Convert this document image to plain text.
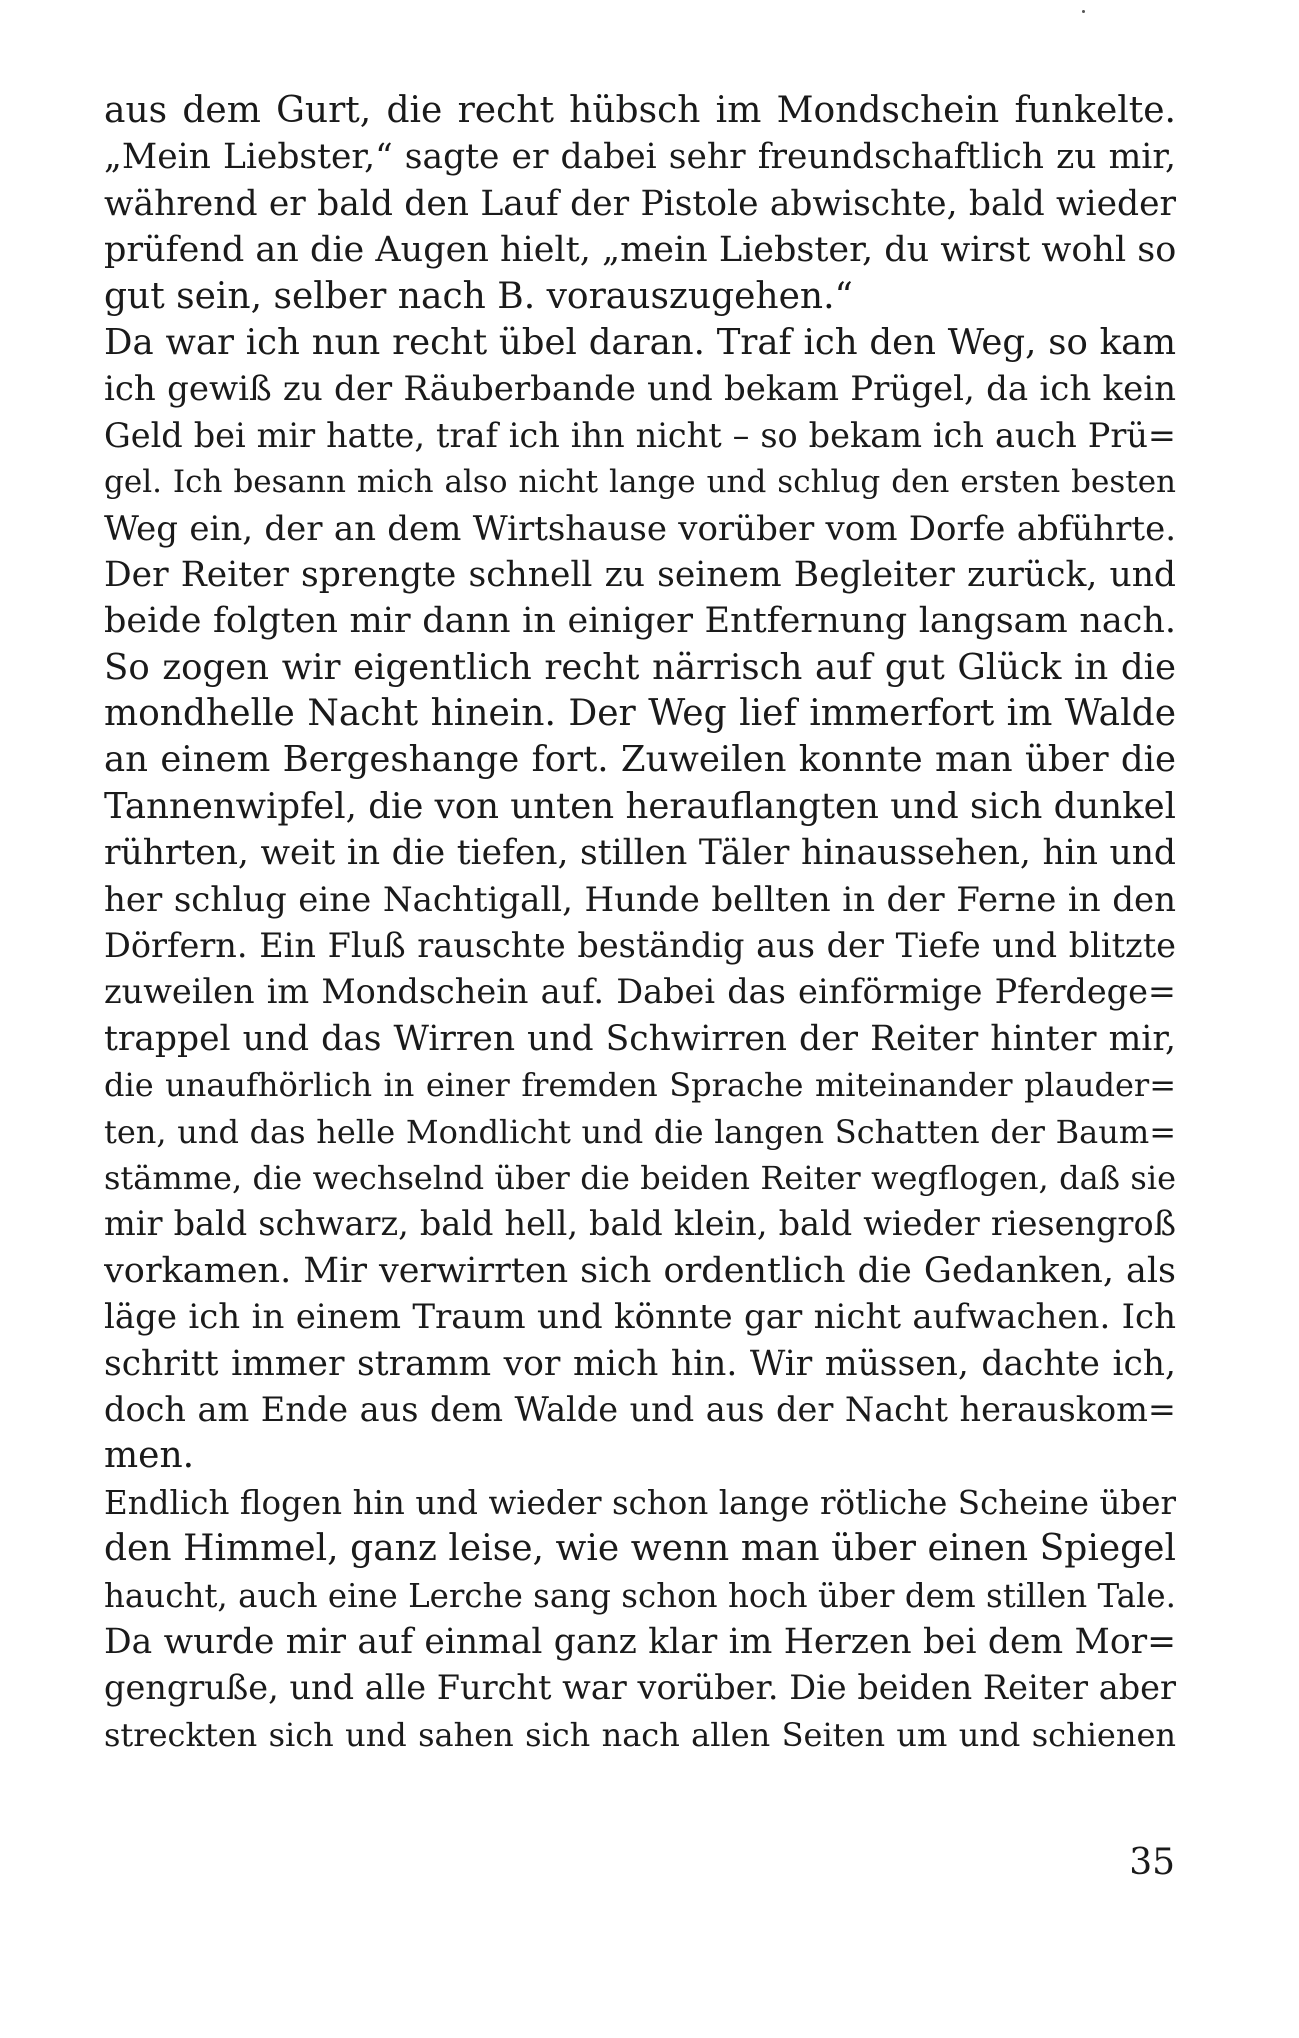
aus dem Gurt, die recht hübsch im Mondschein funkelte.
„Mein Liebster,“ sagte er dabei sehr freundschaftlich zu mir,
während er bald den Lauf der Pistole abwischte, bald wieder
prüfend an die Augen hielt, „mein Liebster, du wirst wohl so
gut sein, selber nach B. vorauszugehen.“
Da war ich nun recht übel daran. Traf ich den Weg, so kam
ich gewiß zu der Räuberbande und bekam Prügel, da ich kein
Geld bei mir hatte, traf ich ihn nicht – so bekam ich auch Prü=
gel. Ich besann mich also nicht lange und schlug den ersten besten
Weg ein, der an dem Wirtshause vorüber vom Dorfe abführte.
Der Reiter sprengte schnell zu seinem Begleiter zurück, und
beide folgten mir dann in einiger Entfernung langsam nach.
So zogen wir eigentlich recht närrisch auf gut Glück in die
mondhelle Nacht hinein. Der Weg lief immerfort im Walde
an einem Bergeshange fort. Zuweilen konnte man über die
Tannenwipfel, die von unten herauflangten und sich dunkel
rührten, weit in die tiefen, stillen Täler hinaussehen, hin und
her schlug eine Nachtigall, Hunde bellten in der Ferne in den
Dörfern. Ein Fluß rauschte beständig aus der Tiefe und blitzte
zuweilen im Mondschein auf. Dabei das einförmige Pferdege=
trappel und das Wirren und Schwirren der Reiter hinter mir,
die unaufhörlich in einer fremden Sprache miteinander plauder=
ten, und das helle Mondlicht und die langen Schatten der Baum=
stämme, die wechselnd über die beiden Reiter wegflogen, daß sie
mir bald schwarz, bald hell, bald klein, bald wieder riesengroß
vorkamen. Mir verwirrten sich ordentlich die Gedanken, als
läge ich in einem Traum und könnte gar nicht aufwachen. Ich
schritt immer stramm vor mich hin. Wir müssen, dachte ich,
doch am Ende aus dem Walde und aus der Nacht herauskom=
men.
Endlich flogen hin und wieder schon lange rötliche Scheine über
den Himmel, ganz leise, wie wenn man über einen Spiegel
haucht, auch eine Lerche sang schon hoch über dem stillen Tale.
Da wurde mir auf einmal ganz klar im Herzen bei dem Mor=
gengruße, und alle Furcht war vorüber. Die beiden Reiter aber
streckten sich und sahen sich nach allen Seiten um und schienen
35
